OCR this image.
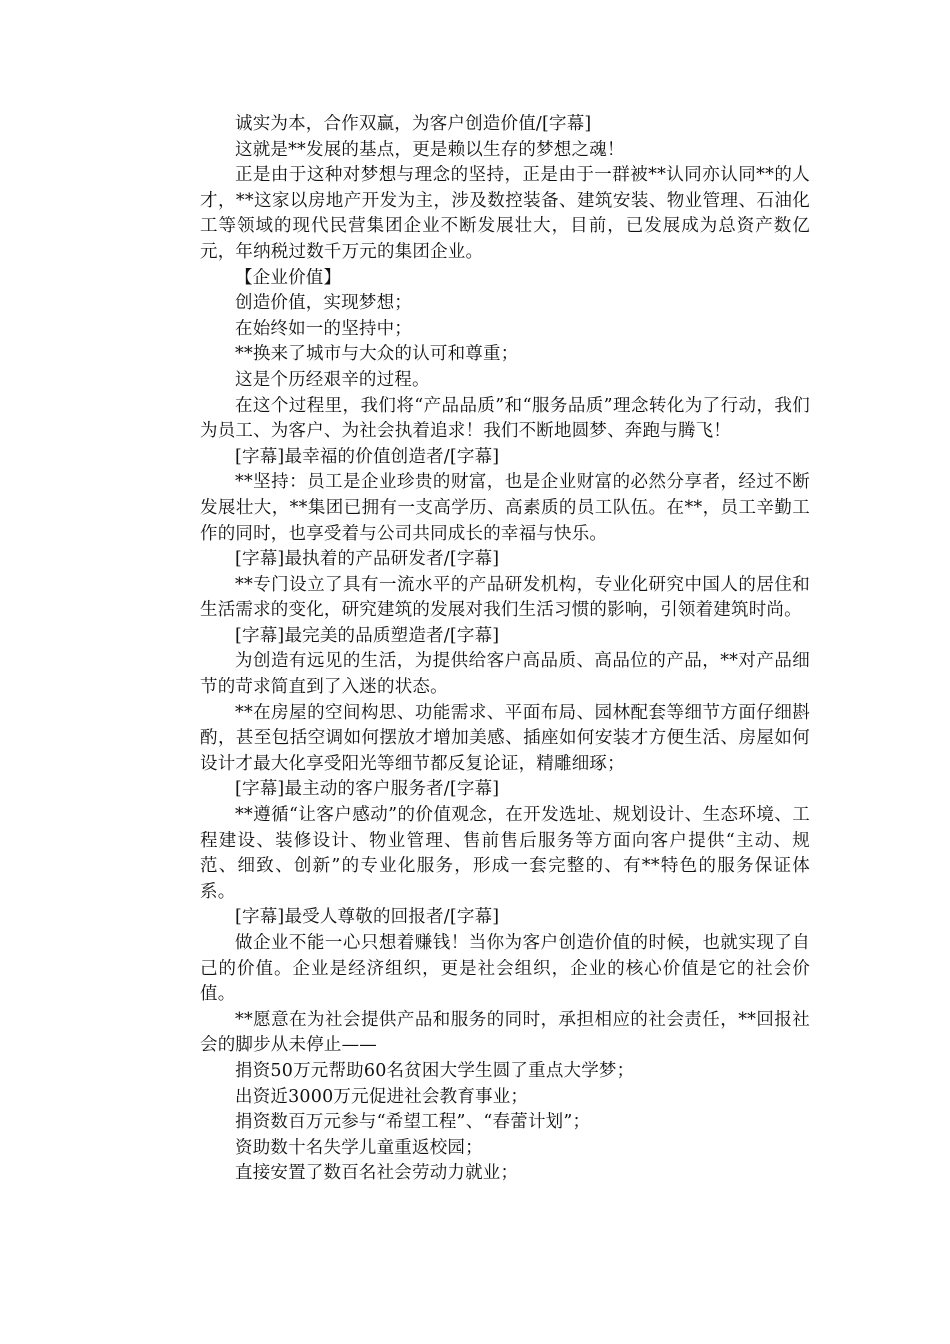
诚实为本，合作双赢，为客户创造价值/[字幕]

这就是**发展的基点，更是赖以生存的梦想之魂！

正是由于这种对梦想与理念的坚持，正是由于一群被**认同亦认同**的人才，**这家以房地产开发为主，涉及数控装备、建筑安装、物业管理、石油化工等领域的现代民营集团企业不断发展壮大，目前，已发展成为总资产数亿元，年纳税过数千万元的集团企业。

【企业价值】

创造价值，实现梦想；

在始终如一的坚持中；

**换来了城市与大众的认可和尊重；

这是个历经艰辛的过程。

在这个过程里，我们将“产品品质”和“服务品质”理念转化为了行动，我们为员工、为客户、为社会执着追求！我们不断地圆梦、奔跑与腾飞！

[字幕]最幸福的价值创造者/[字幕]

**坚持：员工是企业珍贵的财富，也是企业财富的必然分享者，经过不断发展壮大，**集团已拥有一支高学历、高素质的员工队伍。在**，员工辛勤工作的同时，也享受着与公司共同成长的幸福与快乐。

[字幕]最执着的产品研发者/[字幕]

**专门设立了具有一流水平的产品研发机构，专业化研究中国人的居住和生活需求的变化，研究建筑的发展对我们生活习惯的影响，引领着建筑时尚。

[字幕]最完美的品质塑造者/[字幕]

为创造有远见的生活，为提供给客户高品质、高品位的产品，**对产品细节的苛求简直到了入迷的状态。

**在房屋的空间构思、功能需求、平面布局、园林配套等细节方面仔细斟酌，甚至包括空调如何摆放才增加美感、插座如何安装才方便生活、房屋如何设计才最大化享受阳光等细节都反复论证，精雕细琢；

[字幕]最主动的客户服务者/[字幕]

**遵循“让客户感动”的价值观念，在开发选址、规划设计、生态环境、工程建设、装修设计、物业管理、售前售后服务等方面向客户提供“主动、规范、细致、创新”的专业化服务，形成一套完整的、有**特色的服务保证体系。

[字幕]最受人尊敬的回报者/[字幕]

做企业不能一心只想着赚钱！当你为客户创造价值的时候，也就实现了自己的价值。企业是经济组织，更是社会组织，企业的核心价值是它的社会价值。

**愿意在为社会提供产品和服务的同时，承担相应的社会责任，**回报社会的脚步从未停止——

捐资50万元帮助60名贫困大学生圆了重点大学梦；

出资近3000万元促进社会教育事业；

捐资数百万元参与“希望工程”、“春蕾计划”；

资助数十名失学儿童重返校园；

直接安置了数百名社会劳动力就业；
